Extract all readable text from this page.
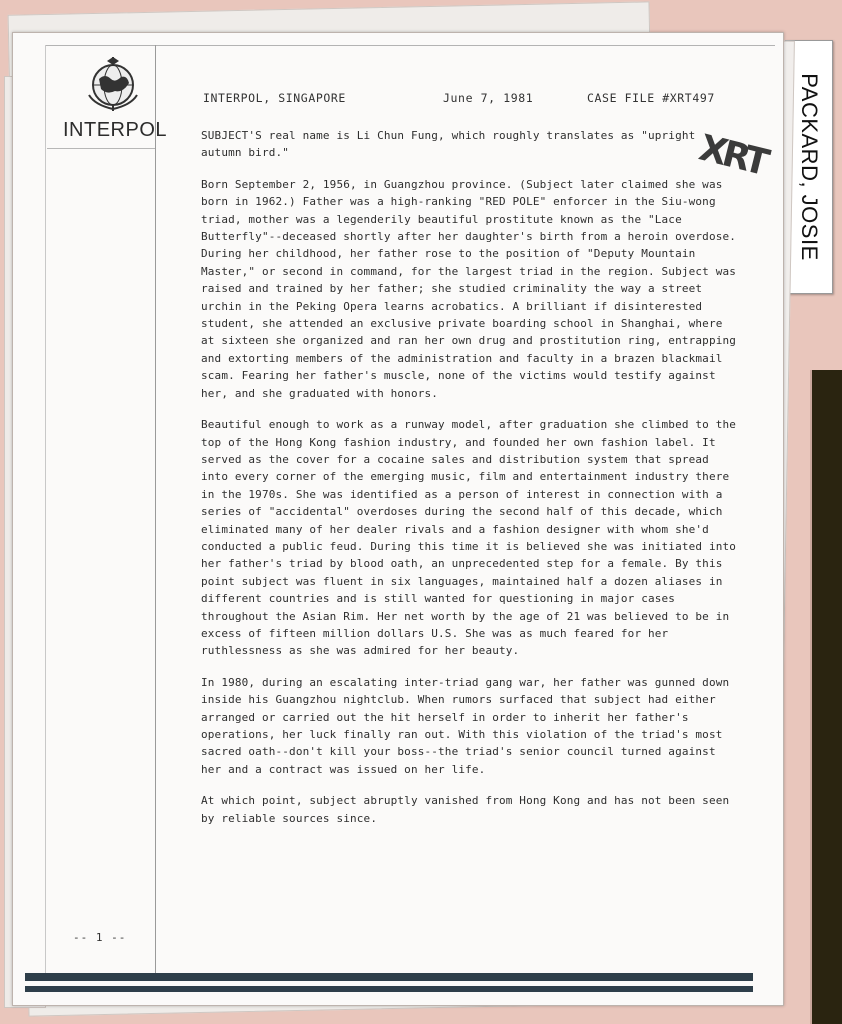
PACKARD, JOSIE
INTERPOL
INTERPOL, SINGAPORE	June 7, 1981	CASE FILE #XRT497
XRT

SUBJECT'S real name is Li Chun Fung, which roughly translates as "upright autumn bird."

Born September 2, 1956, in Guangzhou province. (Subject later claimed she was born in 1962.) Father was a high-ranking "RED POLE" enforcer in the Siu-wong triad, mother was a legenderily beautiful prostitute known as the "Lace Butterfly"--deceased shortly after her daughter's birth from a heroin overdose. During her childhood, her father rose to the position of "Deputy Mountain Master," or second in command, for the largest triad in the region. Subject was raised and trained by her father; she studied criminality the way a street urchin in the Peking Opera learns acrobatics. A brilliant if disinterested student, she attended an exclusive private boarding school in Shanghai, where at sixteen she organized and ran her own drug and prostitution ring, entrapping and extorting members of the administration and faculty in a brazen blackmail scam. Fearing her father's muscle, none of the victims would testify against her, and she graduated with honors.

Beautiful enough to work as a runway model, after graduation she climbed to the top of the Hong Kong fashion industry, and founded her own fashion label. It served as the cover for a cocaine sales and distribution system that spread into every corner of the emerging music, film and entertainment industry there in the 1970s. She was identified as a person of interest in connection with a series of "accidental" overdoses during the second half of this decade, which eliminated many of her dealer rivals and a fashion designer with whom she'd conducted a public feud. During this time it is believed she was initiated into her father's triad by blood oath, an unprecedented step for a female. By this point subject was fluent in six languages, maintained half a dozen aliases in different countries and is still wanted for questioning in major cases throughout the Asian Rim. Her net worth by the age of 21 was believed to be in excess of fifteen million dollars U.S. She was as much feared for her ruthlessness as she was admired for her beauty.

In 1980, during an escalating inter-triad gang war, her father was gunned down inside his Guangzhou nightclub. When rumors surfaced that subject had either arranged or carried out the hit herself in order to inherit her father's operations, her luck finally ran out. With this violation of the triad's most sacred oath--don't kill your boss--the triad's senior council turned against her and a contract was issued on her life.

At which point, subject abruptly vanished from Hong Kong and has not been seen by reliable sources since.

-- 1 --
